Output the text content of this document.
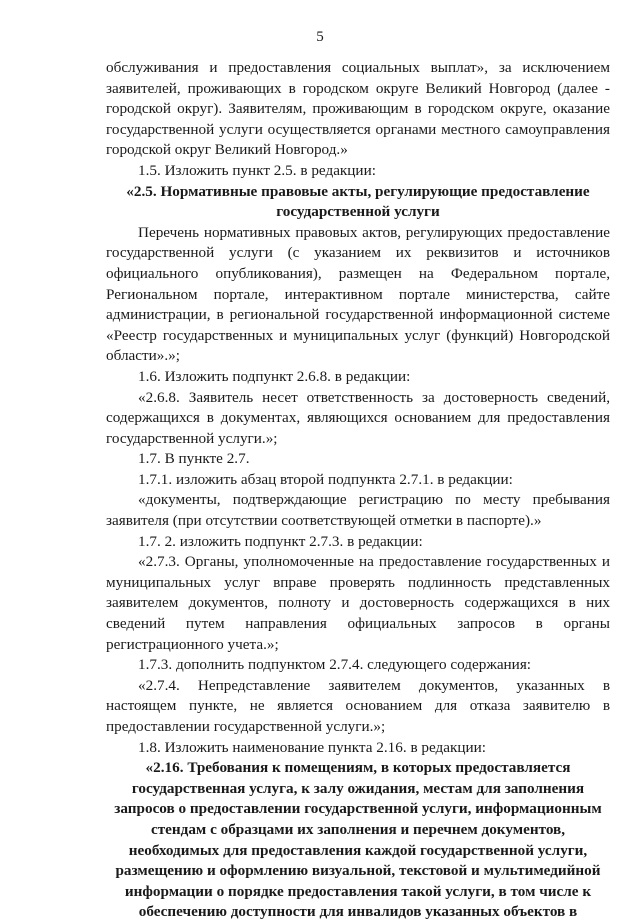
5

обслуживания и предоставления социальных выплат», за исключением заявителей, проживающих в городском округе Великий Новгород (далее - городской округ). Заявителям, проживающим в городском округе, оказание государственной услуги осуществляется органами местного самоуправления городской округ Великий Новгород.»

1.5. Изложить пункт 2.5. в редакции:

«2.5. Нормативные правовые акты, регулирующие предоставление государственной услуги

Перечень нормативных правовых актов, регулирующих предоставление государственной услуги (с указанием их реквизитов и источников официального опубликования), размещен на Федеральном портале, Региональном портале, интерактивном портале министерства, сайте администрации, в региональной государственной информационной системе «Реестр государственных и муниципальных услуг (функций) Новгородской области».»;

1.6. Изложить подпункт 2.6.8. в редакции:

«2.6.8. Заявитель несет ответственность за достоверность сведений, содержащихся в документах, являющихся основанием для предоставления государственной услуги.»;

1.7. В пункте 2.7.

1.7.1. изложить абзац второй подпункта 2.7.1. в редакции:

«документы, подтверждающие регистрацию по месту пребывания заявителя (при отсутствии соответствующей отметки в паспорте).»

1.7. 2. изложить подпункт 2.7.3. в редакции:

«2.7.3. Органы, уполномоченные на предоставление государственных и муниципальных услуг вправе проверять подлинность представленных заявителем документов, полноту и достоверность содержащихся в них сведений путем направления официальных запросов в органы регистрационного учета.»;

1.7.3. дополнить подпунктом 2.7.4. следующего содержания:

«2.7.4. Непредставление заявителем документов, указанных в настоящем пункте, не является основанием для отказа заявителю в предоставлении государственной услуги.»;

1.8. Изложить наименование пункта 2.16. в редакции:

«2.16. Требования к помещениям, в которых предоставляется государственная услуга, к залу ожидания, местам для заполнения запросов о предоставлении государственной услуги, информационным стендам с образцами их заполнения и перечнем документов, необходимых для предоставления каждой государственной услуги, размещению и оформлению визуальной, текстовой и мультимедийной информации о порядке предоставления такой услуги, в том числе к обеспечению доступности для инвалидов указанных объектов в
